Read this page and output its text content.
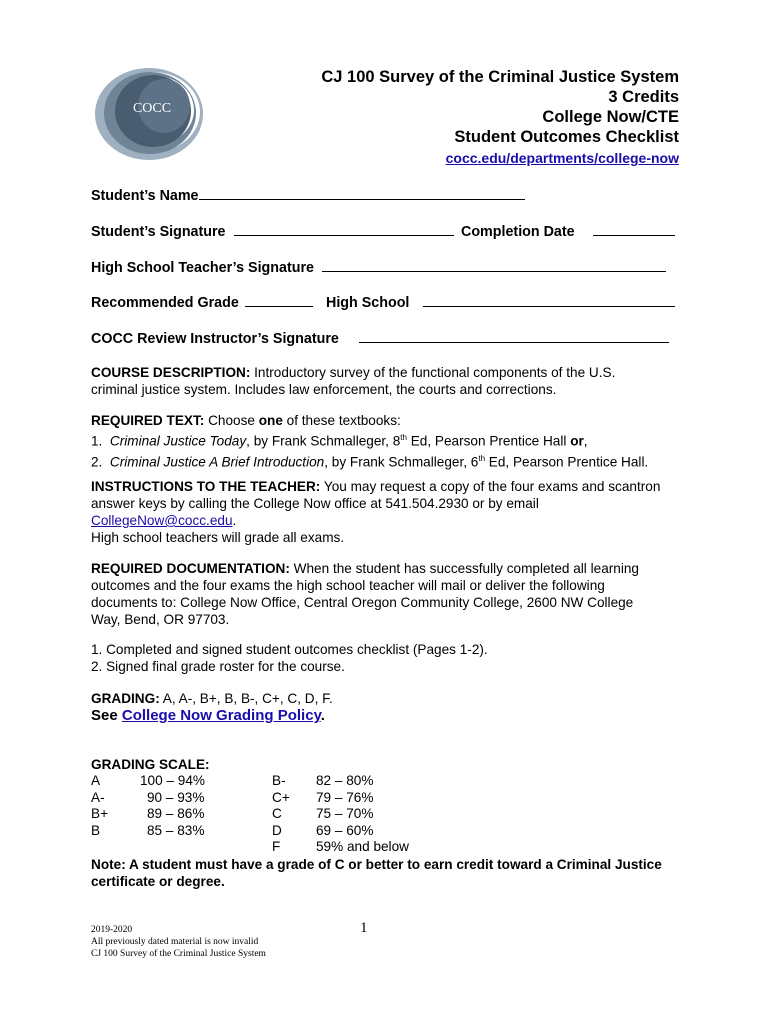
COCC
CJ 100 Survey of the Criminal Justice System
3 Credits
College Now/CTE
Student Outcomes Checklist
cocc.edu/departments/college-now
Student’s Name
Student’s Signature	Completion Date
High School Teacher’s Signature
Recommended Grade	High School
COCC Review Instructor’s Signature

COURSE DESCRIPTION: Introductory survey of the functional components of the U.S.

criminal justice system. Includes law enforcement, the courts and corrections.

REQUIRED TEXT: Choose one of these textbooks:

1. Criminal Justice Today, by Frank Schmalleger, 8th Ed, Pearson Prentice Hall or,

2. Criminal Justice A Brief Introduction, by Frank Schmalleger, 6th Ed, Pearson Prentice Hall.

INSTRUCTIONS TO THE TEACHER: You may request a copy of the four exams and scantron

answer keys by calling the College Now office at 541.504.2930 or by email

CollegeNow@cocc.edu.

High school teachers will grade all exams.

REQUIRED DOCUMENTATION: When the student has successfully completed all learning

outcomes and the four exams the high school teacher will mail or deliver the following

documents to: College Now Office, Central Oregon Community College, 2600 NW College

Way, Bend, OR 97703.

1. Completed and signed student outcomes checklist (Pages 1-2).

2. Signed final grade roster for the course.

GRADING: A, A-, B+, B, B-, C+, C, D, F.

See College Now Grading Policy.
GRADING SCALE:
A	100 – 94%
A-	90 – 93%
B+	89 – 86%
B	85 – 83%
B- 82 – 80%
C+ 79 – 76%
C	75 – 70%
D	69 – 60%
F	59% and below

Note: A student must have a grade of C or better to earn credit toward a Criminal Justice

certificate or degree.

2019-2020
All previously dated material is now invalid
CJ 100 Survey of the Criminal Justice System
1
